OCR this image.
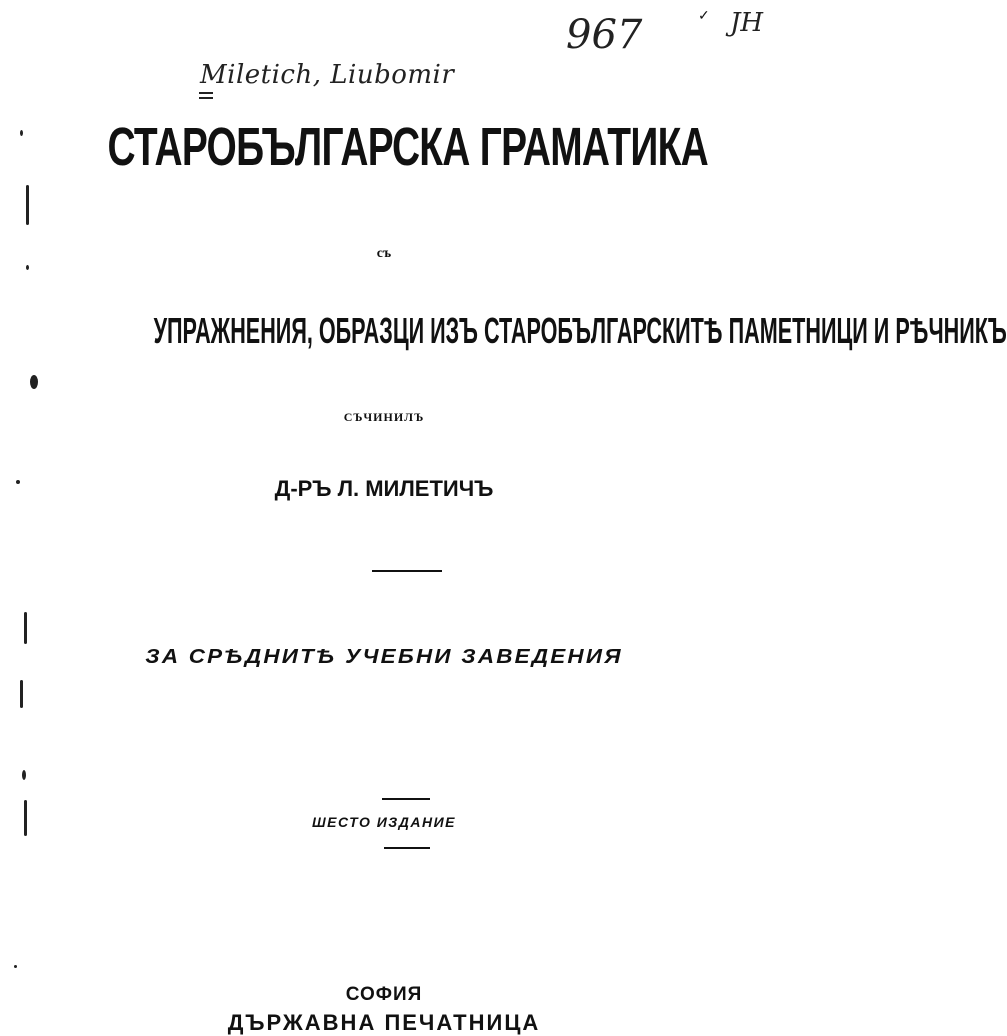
Miletich, Liubomir
967	✓ JH
СТАРОБЪЛГАРСКА ГРАМАТИКА
съ
УПРАЖНЕНИЯ, ОБРАЗЦИ ИЗЪ СТАРОБЪЛГАРСКИТѢ ПАМЕТНИЦИ И РѢЧНИКЪ
СЪЧИНИЛЪ
Д-РЪ Л. МИЛЕТИЧЪ
ЗА СРѢДНИТѢ УЧЕБНИ ЗАВЕДЕНИЯ
ШЕСТО ИЗДАНИЕ
СОФИЯ
ДЪРЖАВНА ПЕЧАТНИЦА
